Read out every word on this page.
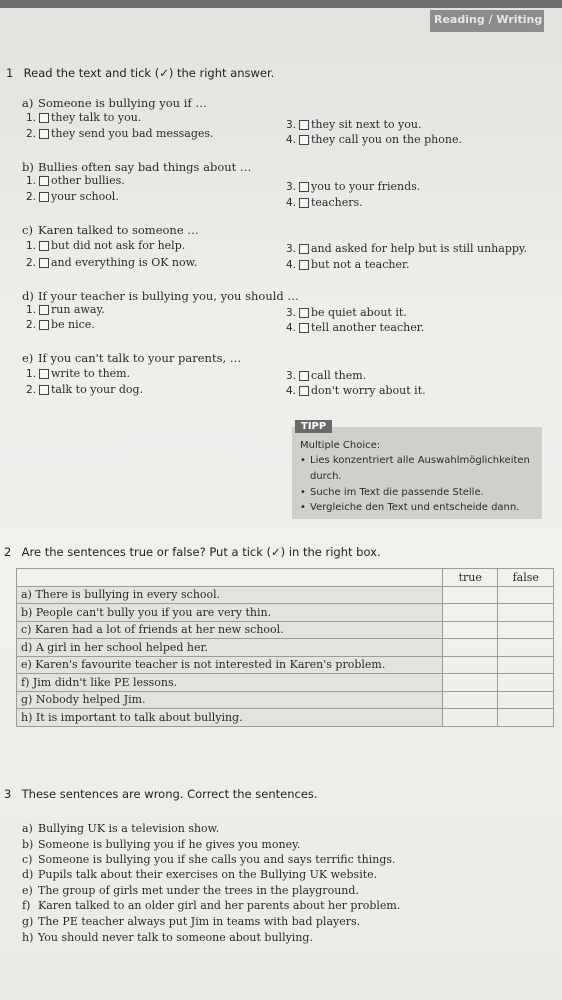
Reading / Writing
1 Read the text and tick (✓) the right answer.
a) Someone is bullying you if …
1. they talk to you.
2. they send you bad messages.
3. they sit next to you.
4. they call you on the phone.
b) Bullies often say bad things about …
1. other bullies.
2. your school.
3. you to your friends.
4. teachers.
c) Karen talked to someone …
1. but did not ask for help.
2. and everything is OK now.
3. and asked for help but is still unhappy.
4. but not a teacher.
d) If your teacher is bullying you, you should …
1. run away.
2. be nice.
3. be quiet about it.
4. tell another teacher.
e) If you can't talk to your parents, …
1. write to them.
2. talk to your dog.
3. call them.
4. don't worry about it.
TIPP
Multiple Choice:
• Lies konzentriert alle Auswahlmöglichkeiten
durch.
• Suche im Text die passende Stelle.
• Vergleiche den Text und entscheide dann.
2 Are the sentences true or false? Put a tick (✓) in the right box.
	true	false
a) There is bullying in every school.		
b) People can't bully you if you are very thin.		
c) Karen had a lot of friends at her new school.		
d) A girl in her school helped her.		
e) Karen's favourite teacher is not interested in Karen's problem.		
f) Jim didn't like PE lessons.		
g) Nobody helped Jim.		
h) It is important to talk about bullying.		
3 These sentences are wrong. Correct the sentences.
a) Bullying UK is a television show.
b) Someone is bullying you if he gives you money.
c) Someone is bullying you if she calls you and says terrific things.
d) Pupils talk about their exercises on the Bullying UK website.
e) The group of girls met under the trees in the playground.
f) Karen talked to an older girl and her parents about her problem.
g) The PE teacher always put Jim in teams with bad players.
h) You should never talk to someone about bullying.
